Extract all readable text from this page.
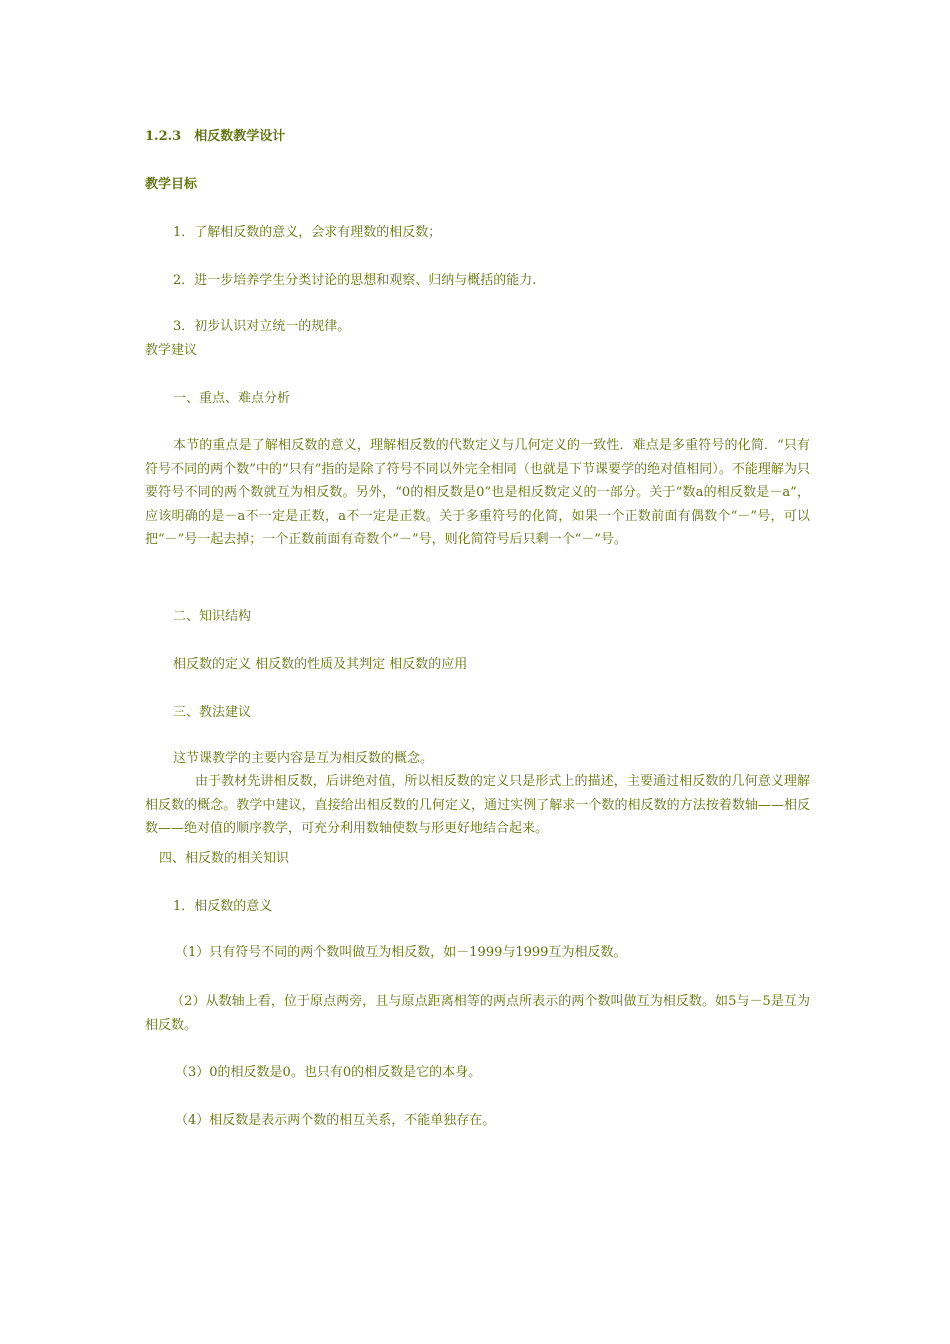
1.2.3　相反数教学设计
教学目标
1．了解相反数的意义，会求有理数的相反数；
2．进一步培养学生分类讨论的思想和观察、归纳与概括的能力.
3．初步认识对立统一的规律。
教学建议
一、重点、难点分析
本节的重点是了解相反数的意义，理解相反数的代数定义与几何定义的一致性．难点是多重符号的化简．“只有符号不同的两个数”中的“只有”指的是除了符号不同以外完全相同（也就是下节课要学的绝对值相同）。不能理解为只要符号不同的两个数就互为相反数。另外，“0的相反数是0”也是相反数定义的一部分。关于“数a的相反数是－a”，应该明确的是－a不一定是正数，a不一定是正数。关于多重符号的化简，如果一个正数前面有偶数个“－”号，可以把“－”号一起去掉；一个正数前面有奇数个“－”号，则化简符号后只剩一个“－”号。
二、知识结构
相反数的定义 相反数的性质及其判定 相反数的应用
三、教法建议
这节课教学的主要内容是互为相反数的概念。
由于教材先讲相反数，后讲绝对值，所以相反数的定义只是形式上的描述，主要通过相反数的几何意义理解相反数的概念。教学中建议，直接给出相反数的几何定义，通过实例了解求一个数的相反数的方法按着数轴——相反数——绝对值的顺序教学，可充分利用数轴使数与形更好地结合起来。
四、相反数的相关知识
1．相反数的意义
（1）只有符号不同的两个数叫做互为相反数，如－1999与1999互为相反数。
（2）从数轴上看，位于原点两旁，且与原点距离相等的两点所表示的两个数叫做互为相反数。如5与－5是互为相反数。
（3）0的相反数是0。也只有0的相反数是它的本身。
（4）相反数是表示两个数的相互关系，不能单独存在。
